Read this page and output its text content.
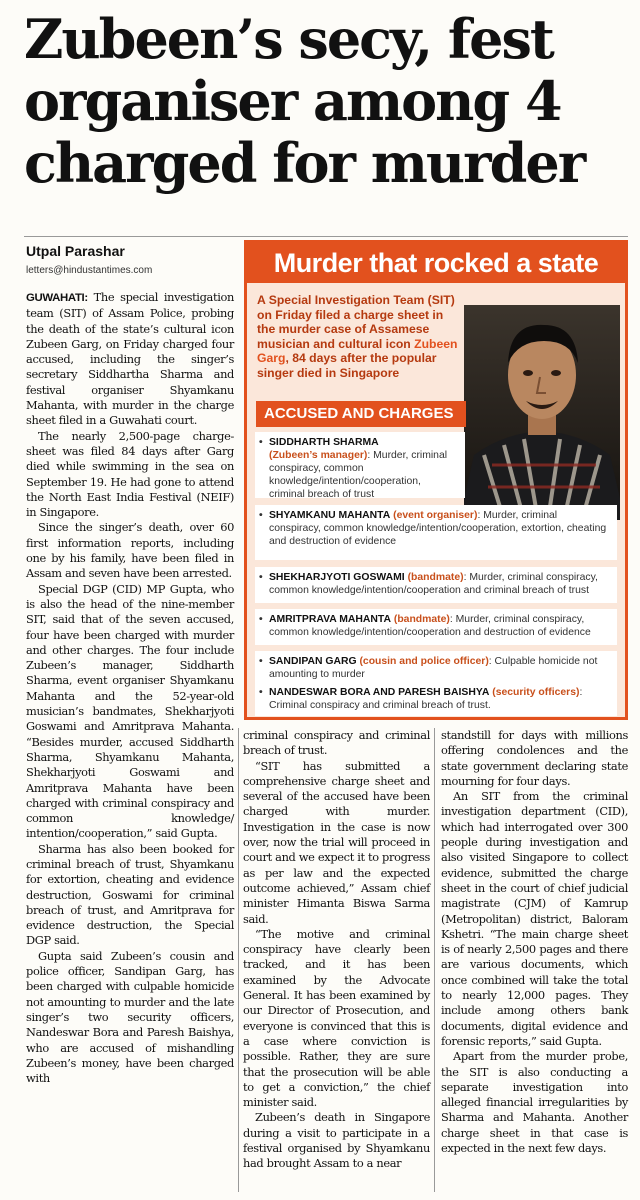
Zubeen’s secy, fest
organiser among 4
charged for murder
Utpal Parashar
letters@hindustantimes.com

GUWAHATI: The special investigation team (SIT) of Assam Police, probing the death of the state’s cultural icon Zubeen Garg, on Friday charged four accused, including the singer’s secretary Siddhartha Sharma and festival organiser Shyamkanu Mahanta, with murder in the charge sheet filed in a Guwahati court.

The nearly 2,500-page charge-sheet was filed 84 days after Garg died while swimming in the sea on September 19. He had gone to attend the North East India Festival (NEIF) in Singapore.

Since the singer’s death, over 60 first information reports, including one by his family, have been filed in Assam and seven have been arrested.

Special DGP (CID) MP Gupta, who is also the head of the nine-member SIT, said that of the seven accused, four have been charged with murder and other charges. The four include Zubeen’s manager, Siddharth Sharma, event organiser Shyamkanu Mahanta and the 52-year-old musician’s bandmates, Shekharjyoti Goswami and Amritprava Mahanta. “Besides murder, accused Siddharth Sharma, Shyamkanu Mahanta, Shekharjyoti Goswami and Amritprava Mahanta have been charged with criminal conspiracy and common knowledge/ intention/cooperation,” said Gupta.

Sharma has also been booked for criminal breach of trust, Shyamkanu for extortion, cheating and evidence destruction, Goswami for criminal breach of trust, and Amritprava for evidence destruction, the Special DGP said.

Gupta said Zubeen’s cousin and police officer, Sandipan Garg, has been charged with culpable homicide not amounting to murder and the late singer’s two security officers, Nandeswar Bora and Paresh Baishya, who are accused of mishandling Zubeen’s money, have been charged with

criminal conspiracy and criminal breach of trust.

“SIT has submitted a comprehensive charge sheet and several of the accused have been charged with murder. Investigation in the case is now over, now the trial will proceed in court and we expect it to progress as per law and the expected outcome achieved,” Assam chief minister Himanta Biswa Sarma said.

“The motive and criminal conspiracy have clearly been tracked, and it has been examined by the Advocate General. It has been examined by our Director of Prosecution, and everyone is convinced that this is a case where conviction is possible. Rather, they are sure that the prosecution will be able to get a conviction,” the chief minister said.

Zubeen’s death in Singapore during a visit to participate in a festival organised by Shyamkanu had brought Assam to a near

standstill for days with millions offering condolences and the state government declaring state mourning for four days.

An SIT from the criminal investigation department (CID), which had interrogated over 300 people during investigation and also visited Singapore to collect evidence, submitted the charge sheet in the court of chief judicial magistrate (CJM) of Kamrup (Metropolitan) district, Baloram Kshetri. “The main charge sheet is of nearly 2,500 pages and there are various documents, which once combined will take the total to nearly 12,000 pages. They include among others bank documents, digital evidence and forensic reports,” said Gupta.

Apart from the murder probe, the SIT is also conducting a separate investigation into alleged financial irregularities by Sharma and Mahanta. Another charge sheet in that case is expected in the next few days.

Murder that rocked a state
A Special Investigation Team (SIT) on Friday filed a charge sheet in the murder case of Assamese musician and cultural icon Zubeen Garg, 84 days after the popular singer died in Singapore
ACCUSED AND CHARGES
• SIDDHARTH SHARMA
(Zubeen’s manager): Murder, criminal conspiracy, common knowledge/intention/cooperation, criminal breach of trust
• SHYAMKANU MAHANTA (event organiser): Murder, criminal conspiracy, common knowledge/intention/cooperation, extortion, cheating and destruction of evidence
• SHEKHARJYOTI GOSWAMI (bandmate): Murder, criminal conspiracy, common knowledge/intention/cooperation and criminal breach of trust
• AMRITPRAVA MAHANTA (bandmate): Murder, criminal conspiracy, common knowledge/intention/cooperation and destruction of evidence
• SANDIPAN GARG (cousin and police officer): Culpable homicide not amounting to murder
• NANDESWAR BORA AND PARESH BAISHYA (security officers): Criminal conspiracy and criminal breach of trust.
